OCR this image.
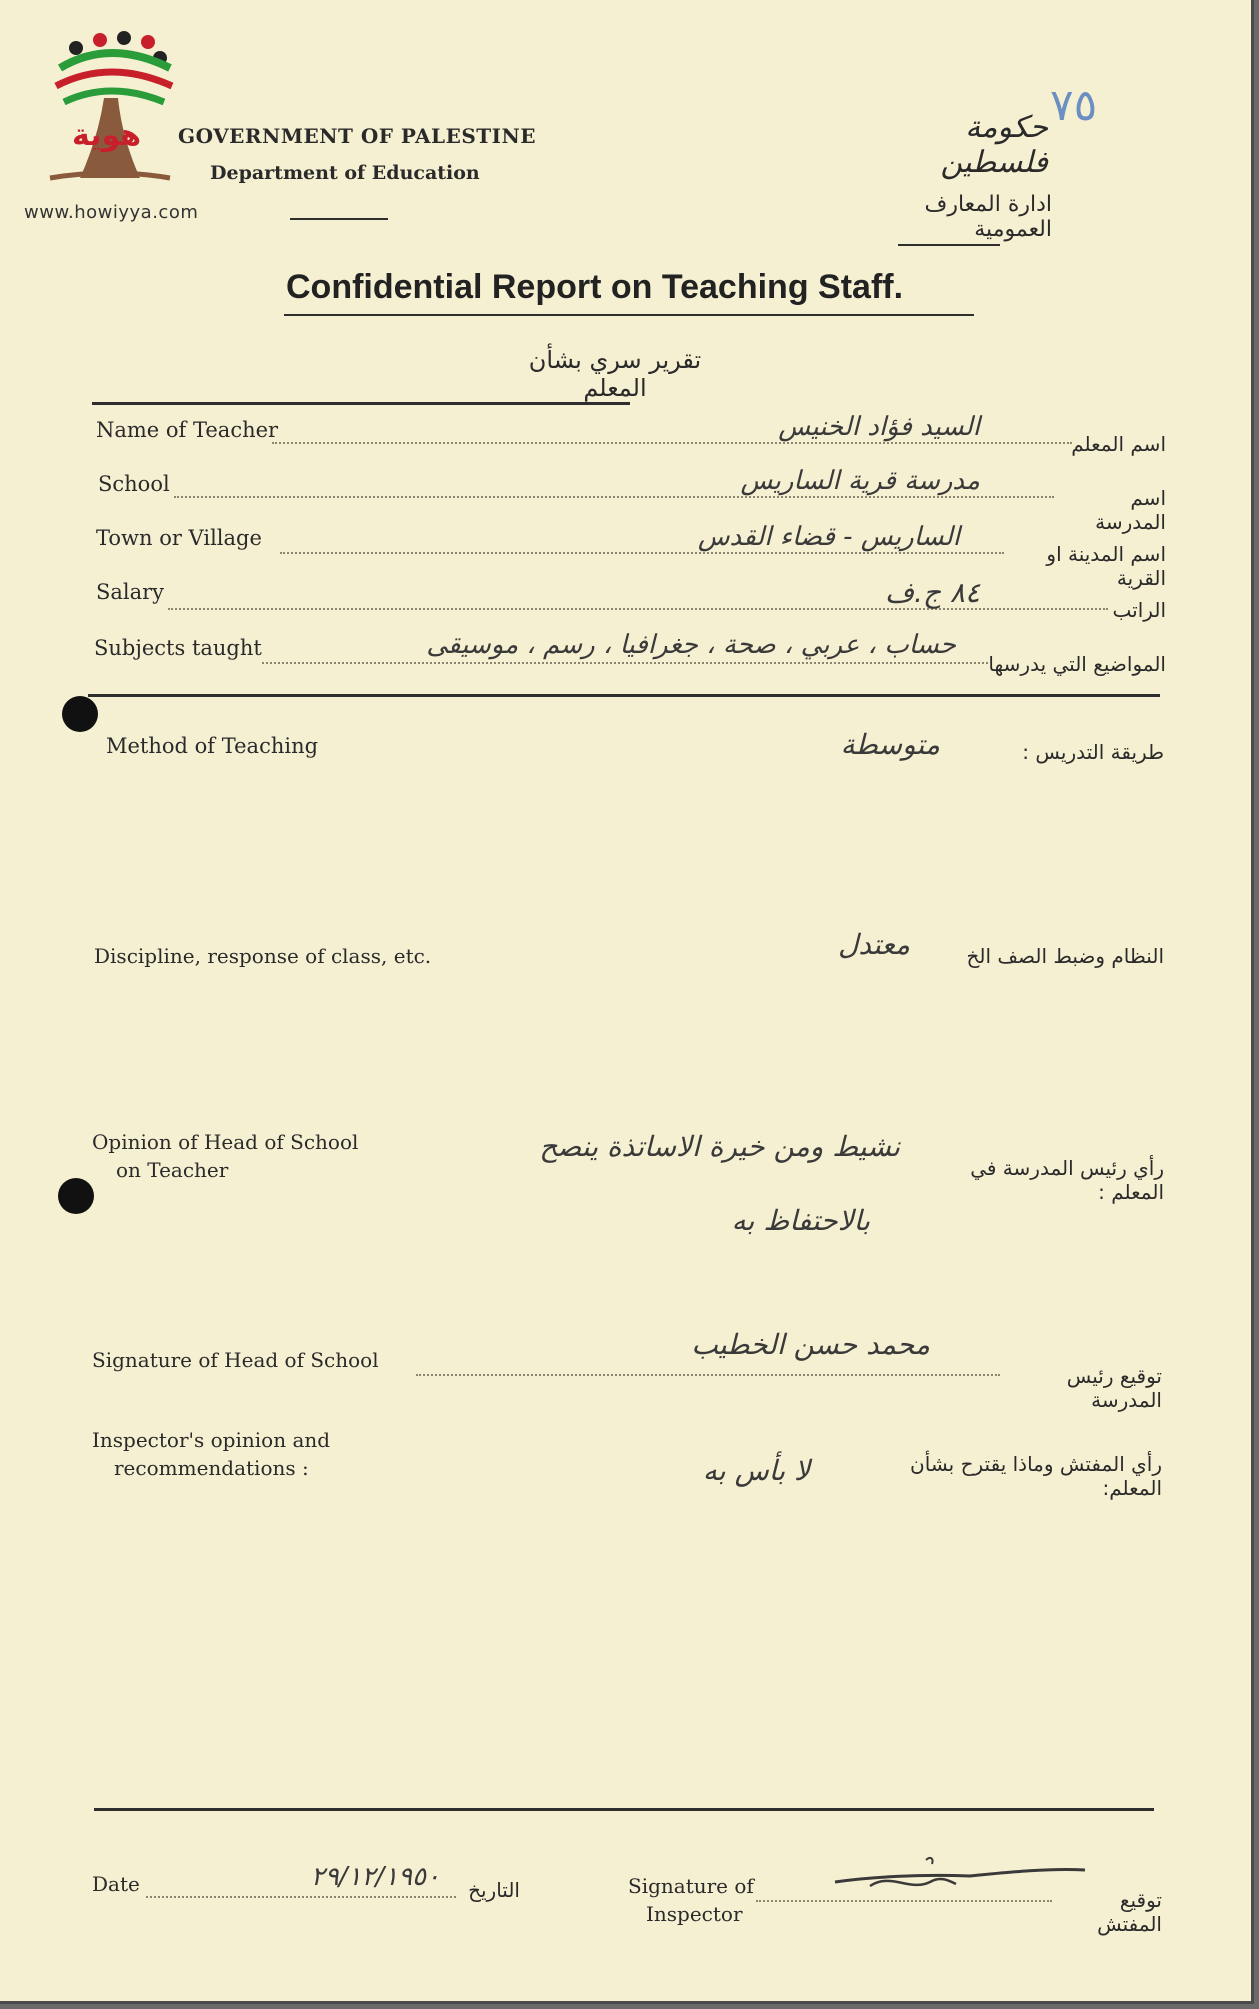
هوية
www.howiyya.com
GOVERNMENT OF PALESTINE
Department of Education
٧٥
حكومة فلسطين
ادارة المعارف العمومية
Confidential Report on Teaching Staff.
تقرير سري بشأن المعلم
Name of Teacher	السيد فؤاد الخنيس
اسم المعلم
School	مدرسة قرية الساريس
اسم المدرسة
Town or Village	الساريس - قضاء القدس
اسم المدينة او القرية
Salary	٨٤ ج.ف
الراتب
Subjects taught	حساب ، عربي ، صحة ، جغرافيا ، رسم ، موسيقى
المواضيع التي يدرسها
Method of Teaching	متوسطة	طريقة التدريس :
Discipline, response of class, etc.	معتدل	النظام وضبط الصف الخ
Opinion of Head of School
on Teacher
نشيط ومن خيرة الاساتذة ينصح
بالاحتفاظ به
رأي رئيس المدرسة في المعلم :
Signature of Head of School	محمد حسن الخطيب
توقيع رئيس المدرسة
Inspector's opinion and
recommendations :	لا بأس به	رأي المفتش وماذا يقترح بشأن المعلم:
Date	٢٩/١٢/١٩٥٠	التاريخ	Signature of
Inspector
توقيع المفتش
